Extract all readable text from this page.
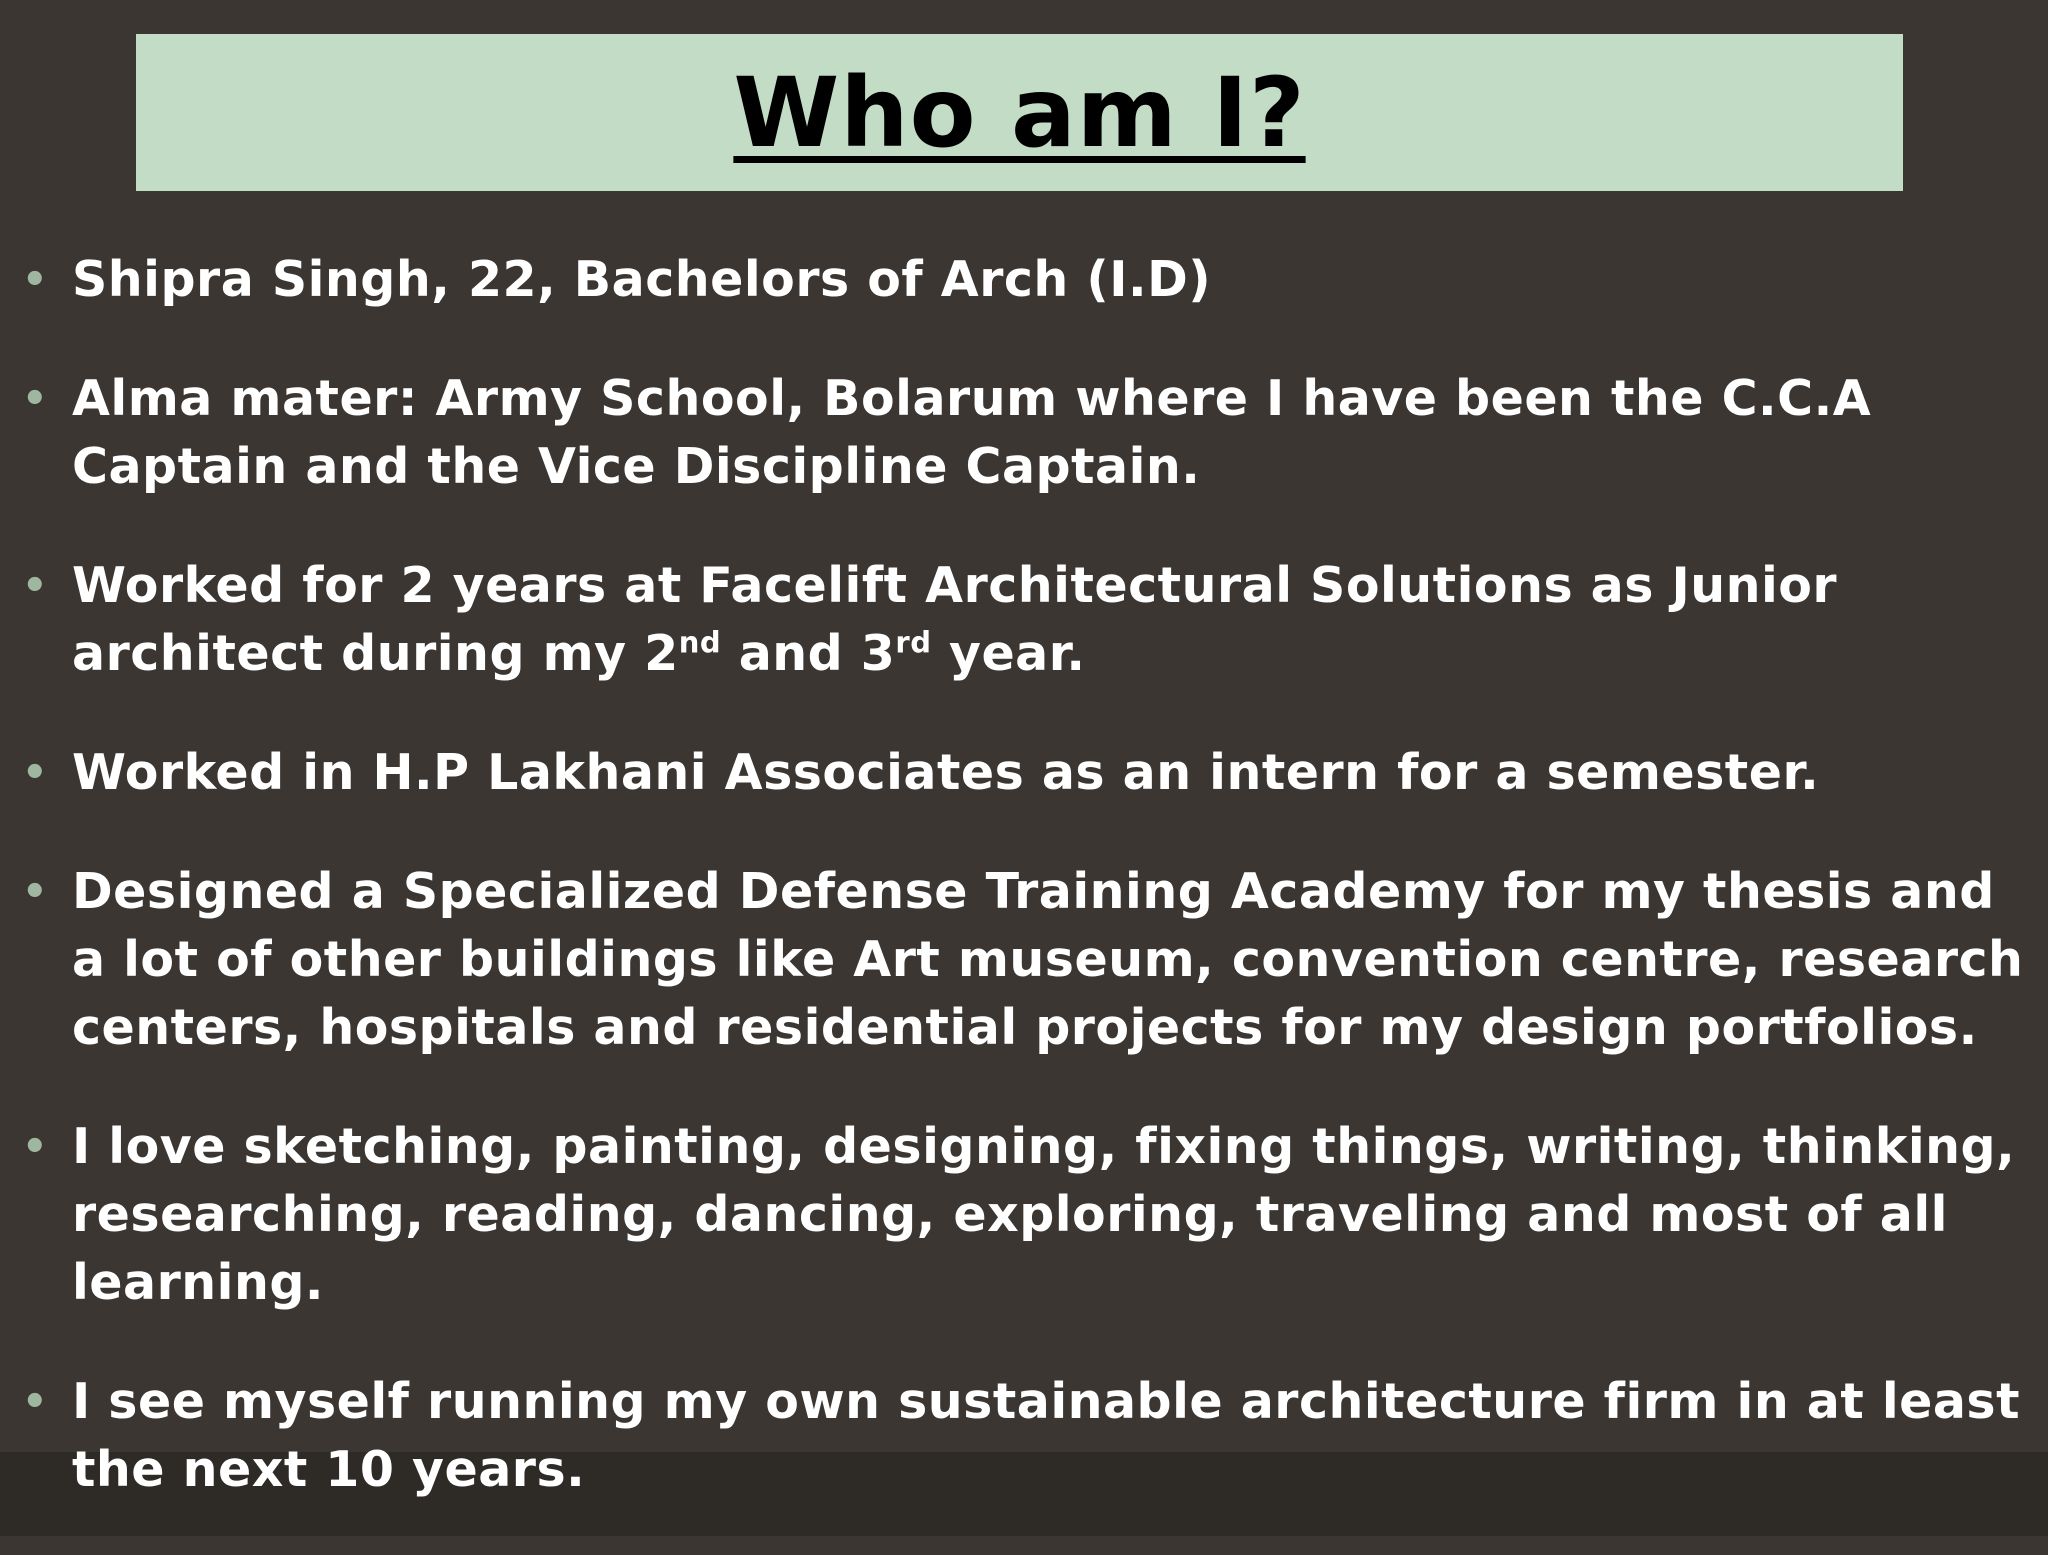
Who am I?
• Shipra Singh, 22, Bachelors of Arch (I.D)
• Alma mater: Army School, Bolarum where I have been the C.C.A Captain and the Vice Discipline Captain.
• Worked for 2 years at Facelift Architectural Solutions as Junior architect during my 2nd and 3rd year.
• Worked in H.P Lakhani Associates as an intern for a semester.
• Designed a Specialized Defense Training Academy for my thesis and a lot of other buildings like Art museum, convention centre, research centers, hospitals and residential projects for my design portfolios.
• I love sketching, painting, designing, fixing things, writing, thinking, researching, reading, dancing, exploring, traveling and most of all learning.
• I see myself running my own sustainable architecture firm in at least the next 10 years.
